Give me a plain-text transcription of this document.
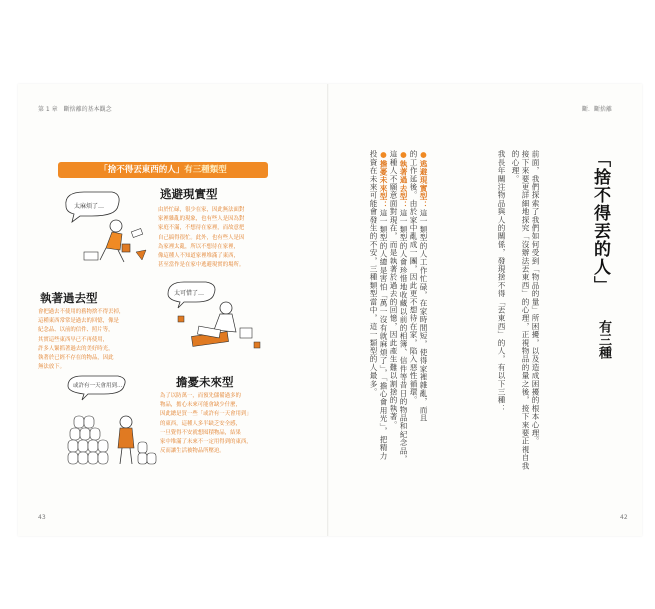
第 1 章　斷捨離的基本觀念
43
「捨不得丟東西的人」有三種類型
逃避現實型
由於忙碌，很少在家，因此無法面對
家裡雜亂的現象，也有些人是因為對
家庭不滿，不想待在家裡，而故意把
自己搞得很忙。此外，也有些人是因
為家裡太亂，所以不想待在家裡，
像這種人不知道家裡堆滿了東西，
甚至當作是在家中逃避現實的場所。
太麻煩了…
執著過去型
會把過去不使用的舊物捨不得丟掉，
這種東西常常是過去的回憶，像是
紀念品、以前的信件、照片等，
其實這些東西早已不再使用，
許多人緊抓著過去的美好時光，
執著於已經不存在的物品，因此
無法放下。
太可惜了…
擔憂未來型
為了以防萬一，而預先儲備過多的
物品，擔心未來可能會缺少什麼，
因此總是買一些「或許有一天會用到」
的東西，這種人多半缺乏安全感，
一旦覺得不安就想囤積物品，結果
家中堆滿了未來不一定用得到的東西，
反而讓生活被物品所壓迫。
或許有一天會用到…
斷．斷捨離
42
「捨不得丟的人」
有三種
前面，我們探索了我們如何受到「物品的量」所困擾，以及造成困擾的根本心理。
接下來要更詳細地探究「沒辦法丟東西」的心理，正視物品的量之後，接下來要正視自我
的心理。
我長年關注物品與人的關係，發現捨不得「丟東西」的人，有以下三種：
●逃避現實型：這一類型的人工作忙碌，在家時間短，使得家裡雜亂，而且
的工作延後。由於家中亂成一團，因此更不想待在家，陷入惡性循環。
●執著過去型：這一類型的人會珍惜地收藏以前的相簿、信件等昔日的物品和紀念品，
這種人不願意面對現在，而是執著於過去的回憶，因此產生難以割捨的執著。
●擔憂未來型：這一類型的人總是害怕「萬一沒有就麻煩了」，「擔心會用光」，把精力
投資在未來可能會發生的不安，三種類型當中，這一類型的人最多。
